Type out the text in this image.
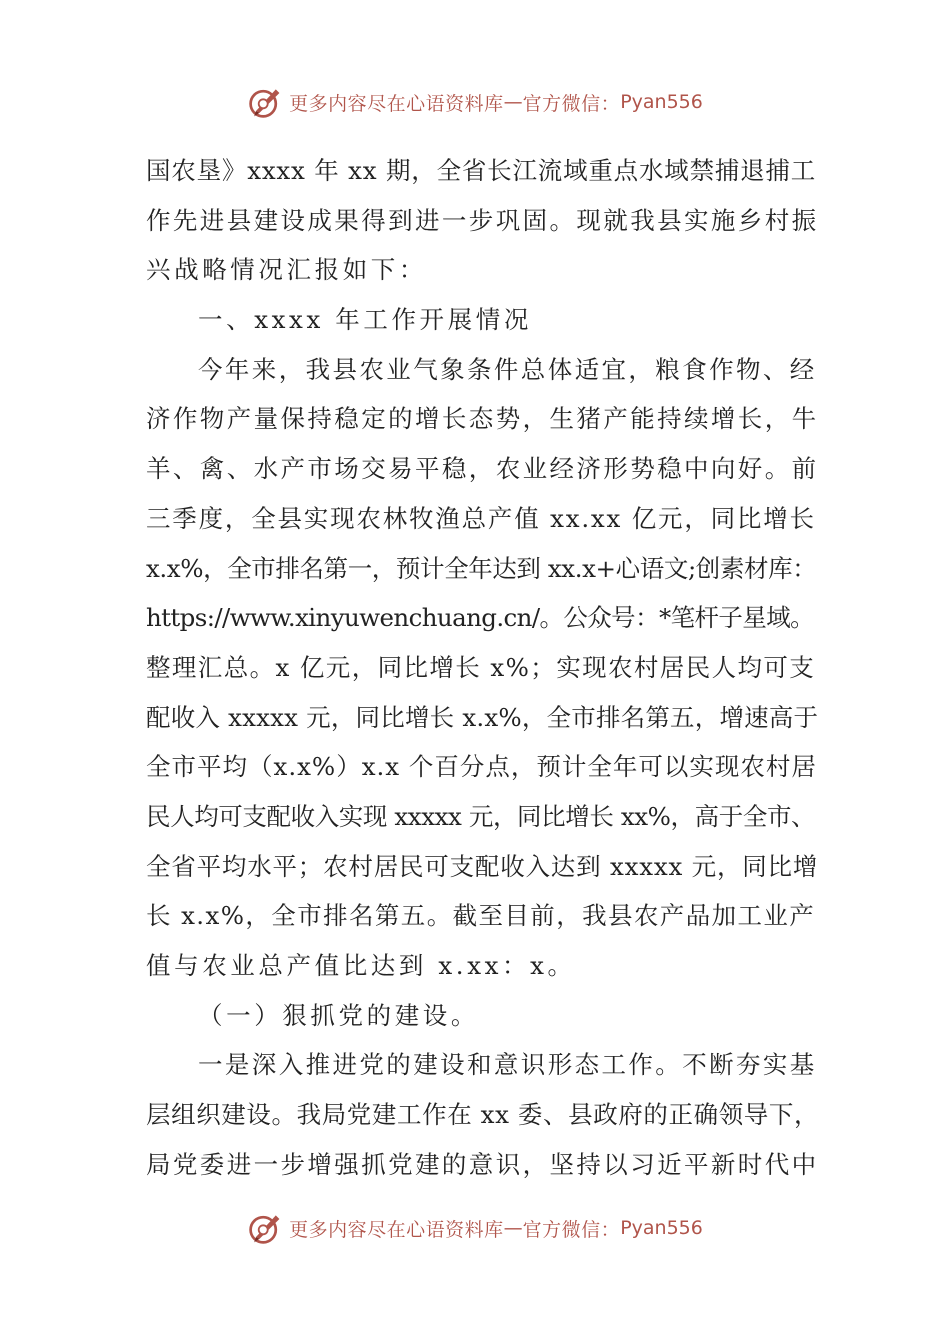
更多内容尽在心语资料库 — 官方微信： Pyan556
国农垦》xxxx 年 xx 期，全省长江流域重点水域禁捕退捕工
作先进县建设成果得到进一步巩固。现就我县实施乡村振
兴战略情况汇报如下：
一、xxxx 年工作开展情况
今年来，我县农业气象条件总体适宜，粮食作物、经
济作物产量保持稳定的增长态势，生猪产能持续增长，牛
羊、禽、水产市场交易平稳，农业经济形势稳中向好。前
三季度，全县实现农林牧渔总产值 xx.xx 亿元，同比增长
x.x%，全市排名第一，预计全年达到 xx.x+心语文;创素材库：
https://www.xinyuwenchuang.cn/。公众号：*笔杆子星域。
整理汇总。x 亿元，同比增长 x%；实现农村居民人均可支
配收入 xxxxx 元，同比增长 x.x%，全市排名第五，增速高于
全市平均（x.x%）x.x 个百分点，预计全年可以实现农村居
民人均可支配收入实现 xxxxx 元，同比增长 xx%，高于全市、
全省平均水平；农村居民可支配收入达到 xxxxx 元，同比增
长 x.x%，全市排名第五。截至目前，我县农产品加工业产
值与农业总产值比达到 x.xx：x。
（一）狠抓党的建设。
一是深入推进党的建设和意识形态工作。不断夯实基
层组织建设。我局党建工作在 xx 委、县政府的正确领导下，
局党委进一步增强抓党建的意识，坚持以习近平新时代中
更多内容尽在心语资料库 — 官方微信： Pyan556
